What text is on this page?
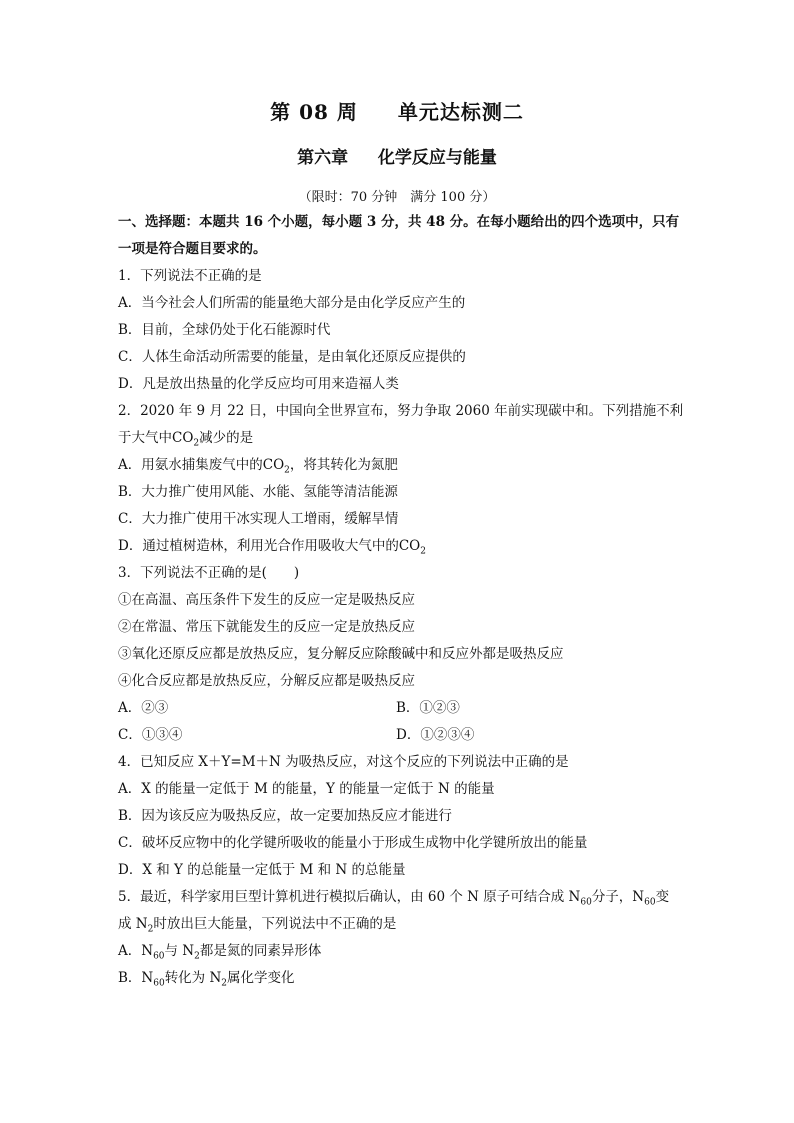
第 08 周 单元达标测二
第六章 化学反应与能量
（限时：70 分钟　满分 100 分）
一、选择题：本题共 16 个小题，每小题 3 分，共 48 分。在每小题给出的四个选项中，只有
一项是符合题目要求的。
1．下列说法不正确的是
A．当今社会人们所需的能量绝大部分是由化学反应产生的
B．目前，全球仍处于化石能源时代
C．人体生命活动所需要的能量，是由氧化还原反应提供的
D．凡是放出热量的化学反应均可用来造福人类
2．2020 年 9 月 22 日，中国向全世界宣布，努力争取 2060 年前实现碳中和。下列措施不利
于大气中$CO_2$减少的是
A．用氨水捕集废气中的$CO_2$，将其转化为氮肥
B．大力推广使用风能、水能、氢能等清洁能源
C．大力推广使用干冰实现人工增雨，缓解旱情
D．通过植树造林，利用光合作用吸收大气中的$CO_2$
3．下列说法不正确的是(　　)
①在高温、高压条件下发生的反应一定是吸热反应
②在常温、常压下就能发生的反应一定是放热反应
③氧化还原反应都是放热反应，复分解反应除酸碱中和反应外都是吸热反应
④化合反应都是放热反应，分解反应都是吸热反应
A．②③	B．①②③
C．①③④	D．①②③④
4．已知反应 X＋Y=M＋N 为吸热反应，对这个反应的下列说法中正确的是
A．X 的能量一定低于 M 的能量，Y 的能量一定低于 N 的能量
B．因为该反应为吸热反应，故一定要加热反应才能进行
C．破坏反应物中的化学键所吸收的能量小于形成生成物中化学键所放出的能量
D．X 和 Y 的总能量一定低于 M 和 N 的总能量
5．最近，科学家用巨型计算机进行模拟后确认，由 60 个 N 原子可结合成 $N_{60}$分子，$N_{60}$变
成 $N_2$时放出巨大能量，下列说法中不正确的是
A．$N_{60}$与 $N_2$都是氮的同素异形体
B．$N_{60}$转化为 $N_2$属化学变化
